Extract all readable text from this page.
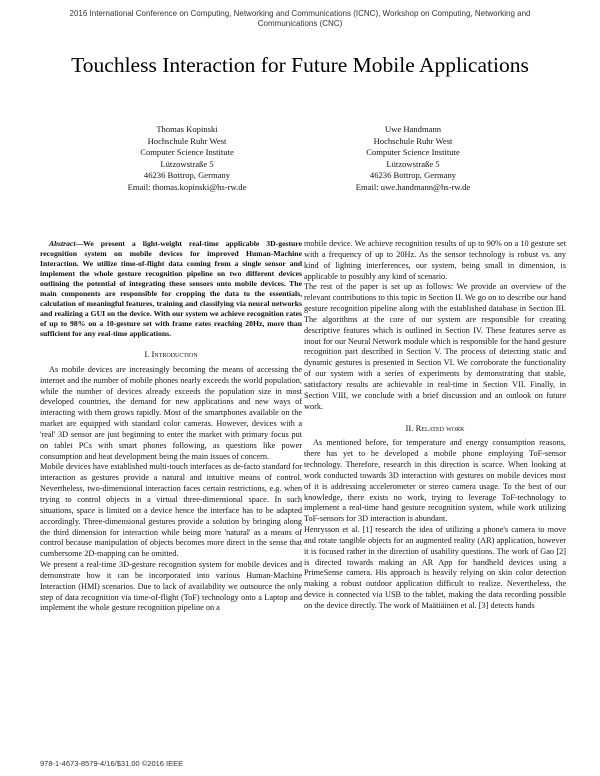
2016 International Conference on Computing, Networking and Communications (ICNC), Workshop on Computing, Networking and Communications (CNC)
Touchless Interaction for Future Mobile Applications
Thomas Kopinski
Hochschule Ruhr West
Computer Science Institute
Lützowstraße 5
46236 Bottrop, Germany
Email: thomas.kopinski@hs-rw.de
Uwe Handmann
Hochschule Ruhr West
Computer Science Institute
Lützowstraße 5
46236 Bottrop, Germany
Email: uwe.handmann@hs-rw.de

Abstract—We present a light-weight real-time applicable 3D-gesture recognition system on mobile devices for improved Human-Machine Interaction. We utilize time-of-flight data coming from a single sensor and implement the whole gesture recognition pipeline on two different devices outlining the potential of integrating these sensors onto mobile devices. The main components are responsible for cropping the data to the essentials, calculation of meaningful features, training and classifying via neural networks and realizing a GUI on the device. With our system we achieve recognition rates of up to 98% on a 10-gesture set with frame rates reaching 20Hz, more than sufficient for any real-time applications.

I. Introduction

As mobile devices are increasingly becoming the means of accessing the internet and the number of mobile phones nearly exceeds the world population, while the number of devices already exceeds the population size in most developed countries, the demand for new applications and new ways of interacting with them grows rapidly. Most of the smartphones available on the market are equipped with standard color cameras. However, devices with a 'real' 3D sensor are just beginning to enter the market with primary focus put on tablet PCs with smart phones following, as questions like power consumption and heat development being the main issues of concern.

Mobile devices have established multi-touch interfaces as de-facto standard for interaction as gestures provide a natural and intuitive means of control. Nevertheless, two-dimensional interaction faces certain restrictions, e.g. when trying to control objects in a virtual three-dimensional space. In such situations, space is limited on a device hence the interface has to be adapted accordingly. Three-dimensional gestures provide a solution by bringing along the third dimension for interaction while being more 'natural' as a means of control because manipulation of objects becomes more direct in the sense that cumbersome 2D-mapping can be omitted.

We present a real-time 3D-gesture recognition system for mobile devices and demonstrate how it can be incorporated into various Human-Machine Interaction (HMI) scenarios. Due to lack of availability we outsource the only step of data recognition via time-of-flight (ToF) technology onto a Laptop and implement the whole gesture recognition pipeline on a

mobile device. We achieve recognition results of up to 90% on a 10 gesture set with a frequency of up to 20Hz. As the sensor technology is robust vs. any kind of lighting interferences, our system, being small in dimension, is applicable to possibly any kind of scenario.

The rest of the paper is set up as follows: We provide an overview of the relevant contributions to this topic in Section II. We go on to describe our hand gesture recognition pipeline along with the established database in Section III. The algorithms at the core of our system are responsible for creating descriptive features which is outlined in Section IV. These features serve as inout for our Neural Network module which is responsible for the hand gesture recognition part described in Section V. The process of detecting static and dynamic gestures is presented in Section VI. We corroborate the functionality of our system with a series of experiments by demonstrating that stable, satisfactory results are achievable in real-time in Section VII. Finally, in Section VIII, we conclude with a brief discussion and an outlook on future work.

II. Related work

As mentioned before, for temperature and energy consumption reasons, there has yet to be developed a mobile phone employing ToF-sensor technology. Therefore, research in this direction is scarce. When looking at work conducted towards 3D interaction with gestures on mobile devices most of it is addressing accelerometer or stereo camera usage. To the best of our knowledge, there exists no work, trying to leverage ToF-technology to implement a real-time hand gesture recognition system, while work utilizing ToF-sensors for 3D interaction is abundant.

Henrysson et al. [1] research the idea of utilizing a phone's camera to move and rotate tangible objects for an augmented reality (AR) application, however it is focused rather in the direction of usability questions. The work of Gao [2] is directed towards making an AR App for handheld devices using a PrimeSense camera. His approach is heavily relying on skin color detection making a robust outdoor application difficult to realize. Nevertheless, the device is connected via USB to the tablet, making the data recording possible on the device directly. The work of Maätiäinen et al. [3] detects hands

978-1-4673-8579-4/16/$31.00 ©2016 IEEE
